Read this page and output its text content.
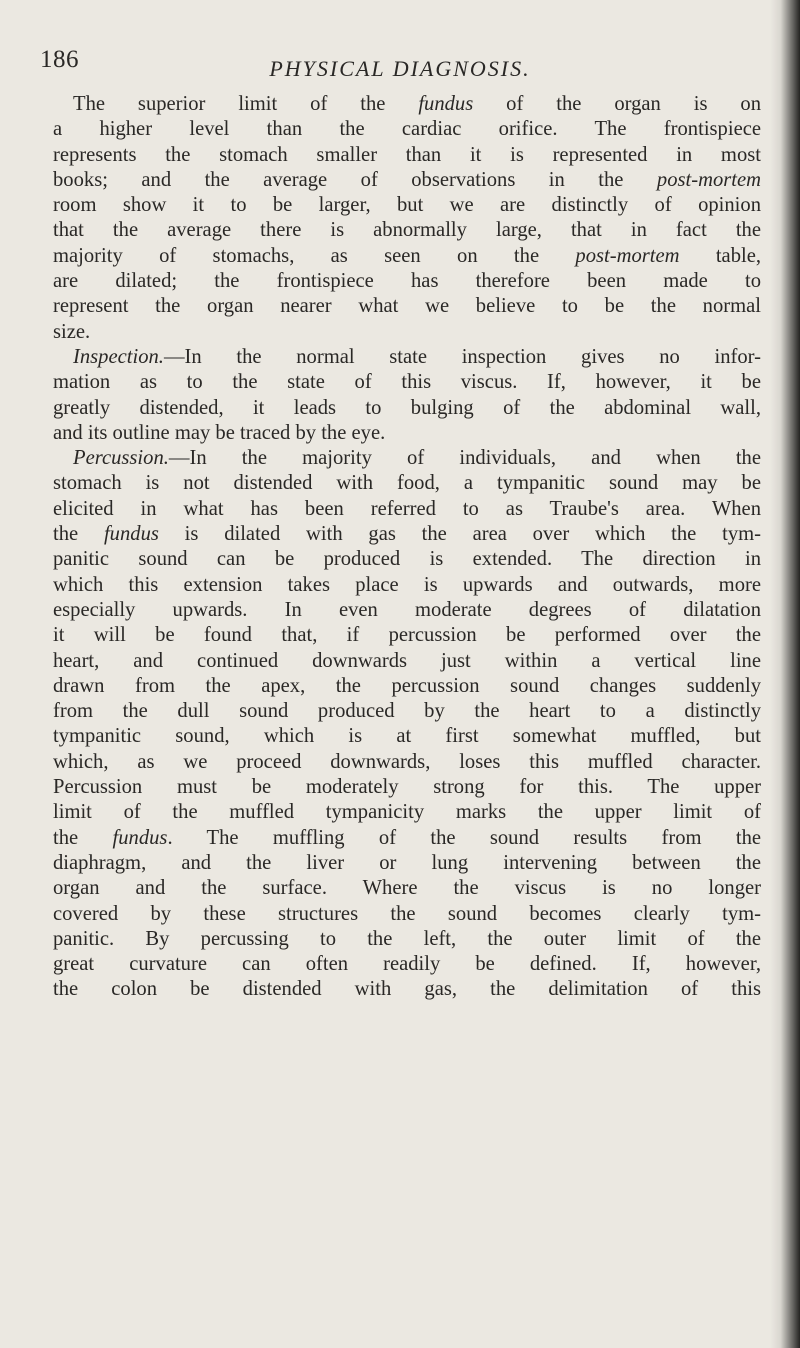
186	PHYSICAL DIAGNOSIS.
The superior limit of the fundus of the organ is on
a higher level than the cardiac orifice. The frontispiece
represents the stomach smaller than it is represented in most
books; and the average of observations in the post-mortem
room show it to be larger, but we are distinctly of opinion
that the average there is abnormally large, that in fact the
majority of stomachs, as seen on the post-mortem table,
are dilated; the frontispiece has therefore been made to
represent the organ nearer what we believe to be the normal
size.
Inspection.—In the normal state inspection gives no infor-
mation as to the state of this viscus. If, however, it be
greatly distended, it leads to bulging of the abdominal wall,
and its outline may be traced by the eye.
Percussion.—In the majority of individuals, and when the
stomach is not distended with food, a tympanitic sound may be
elicited in what has been referred to as Traube's area. When
the fundus is dilated with gas the area over which the tym-
panitic sound can be produced is extended. The direction in
which this extension takes place is upwards and outwards, more
especially upwards. In even moderate degrees of dilatation
it will be found that, if percussion be performed over the
heart, and continued downwards just within a vertical line
drawn from the apex, the percussion sound changes suddenly
from the dull sound produced by the heart to a distinctly
tympanitic sound, which is at first somewhat muffled, but
which, as we proceed downwards, loses this muffled character.
Percussion must be moderately strong for this. The upper
limit of the muffled tympanicity marks the upper limit of
the fundus. The muffling of the sound results from the
diaphragm, and the liver or lung intervening between the
organ and the surface. Where the viscus is no longer
covered by these structures the sound becomes clearly tym-
panitic. By percussing to the left, the outer limit of the
great curvature can often readily be defined. If, however,
the colon be distended with gas, the delimitation of this
